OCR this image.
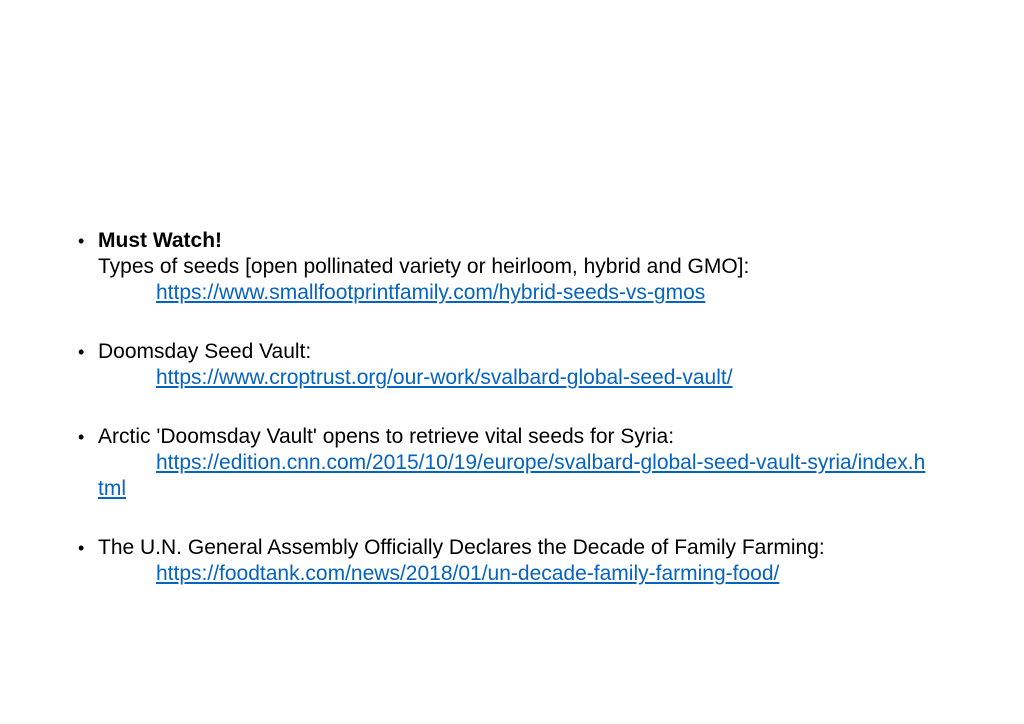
• Must Watch!
Types of seeds [open pollinated variety or heirloom, hybrid and GMO]:
https://www.smallfootprintfamily.com/hybrid-seeds-vs-gmos
• Doomsday Seed Vault:
https://www.croptrust.org/our-work/svalbard-global-seed-vault/
• Arctic 'Doomsday Vault' opens to retrieve vital seeds for Syria:
https://edition.cnn.com/2015/10/19/europe/svalbard-global-seed-vault-syria/index.html
• The U.N. General Assembly Officially Declares the Decade of Family Farming:
https://foodtank.com/news/2018/01/un-decade-family-farming-food/
